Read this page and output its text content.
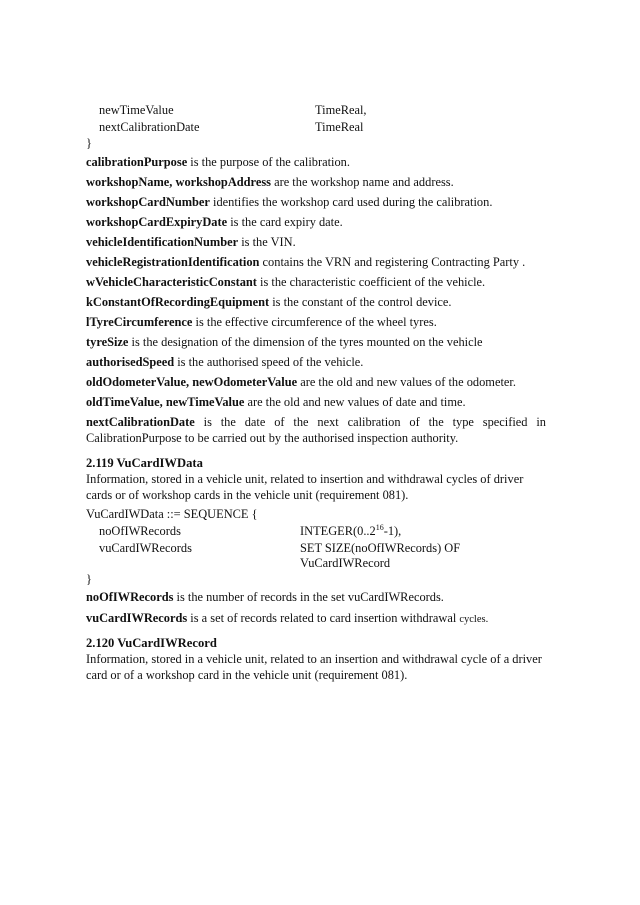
newTimeValue	TimeReal,
nextCalibrationDate	TimeReal
}
calibrationPurpose is the purpose of the calibration.
workshopName, workshopAddress are the workshop name and address.
workshopCardNumber identifies the workshop card used during the calibration.
workshopCardExpiryDate is the card expiry date.
vehicleIdentificationNumber is the VIN.
vehicleRegistrationIdentification contains the VRN and registering Contracting Party .
wVehicleCharacteristicConstant is the characteristic coefficient of the vehicle.
kConstantOfRecordingEquipment is the constant of the control device.
lTyreCircumference is the effective circumference of the wheel tyres.
tyreSize is the designation of the dimension of the tyres mounted on the vehicle
authorisedSpeed is the authorised speed of the vehicle.
oldOdometerValue, newOdometerValue are the old and new values of the odometer.
oldTimeValue, newTimeValue are the old and new values of date and time.
nextCalibrationDate is the date of the next calibration of the type specified in CalibrationPurpose to be carried out by the authorised inspection authority.
2.119 VuCardIWData
Information, stored in a vehicle unit, related to insertion and withdrawal cycles of driver cards or of workshop cards in the vehicle unit (requirement 081).
VuCardIWData ::= SEQUENCE {
noOfIWRecords	INTEGER(0..2$^{16}$-1),
vuCardIWRecords	SET SIZE(noOfIWRecords) OF
VuCardIWRecord
}
noOfIWRecords is the number of records in the set vuCardIWRecords.
vuCardIWRecords is a set of records related to card insertion withdrawal cycles.
2.120 VuCardIWRecord
Information, stored in a vehicle unit, related to an insertion and withdrawal cycle of a driver card or of a workshop card in the vehicle unit (requirement 081).
